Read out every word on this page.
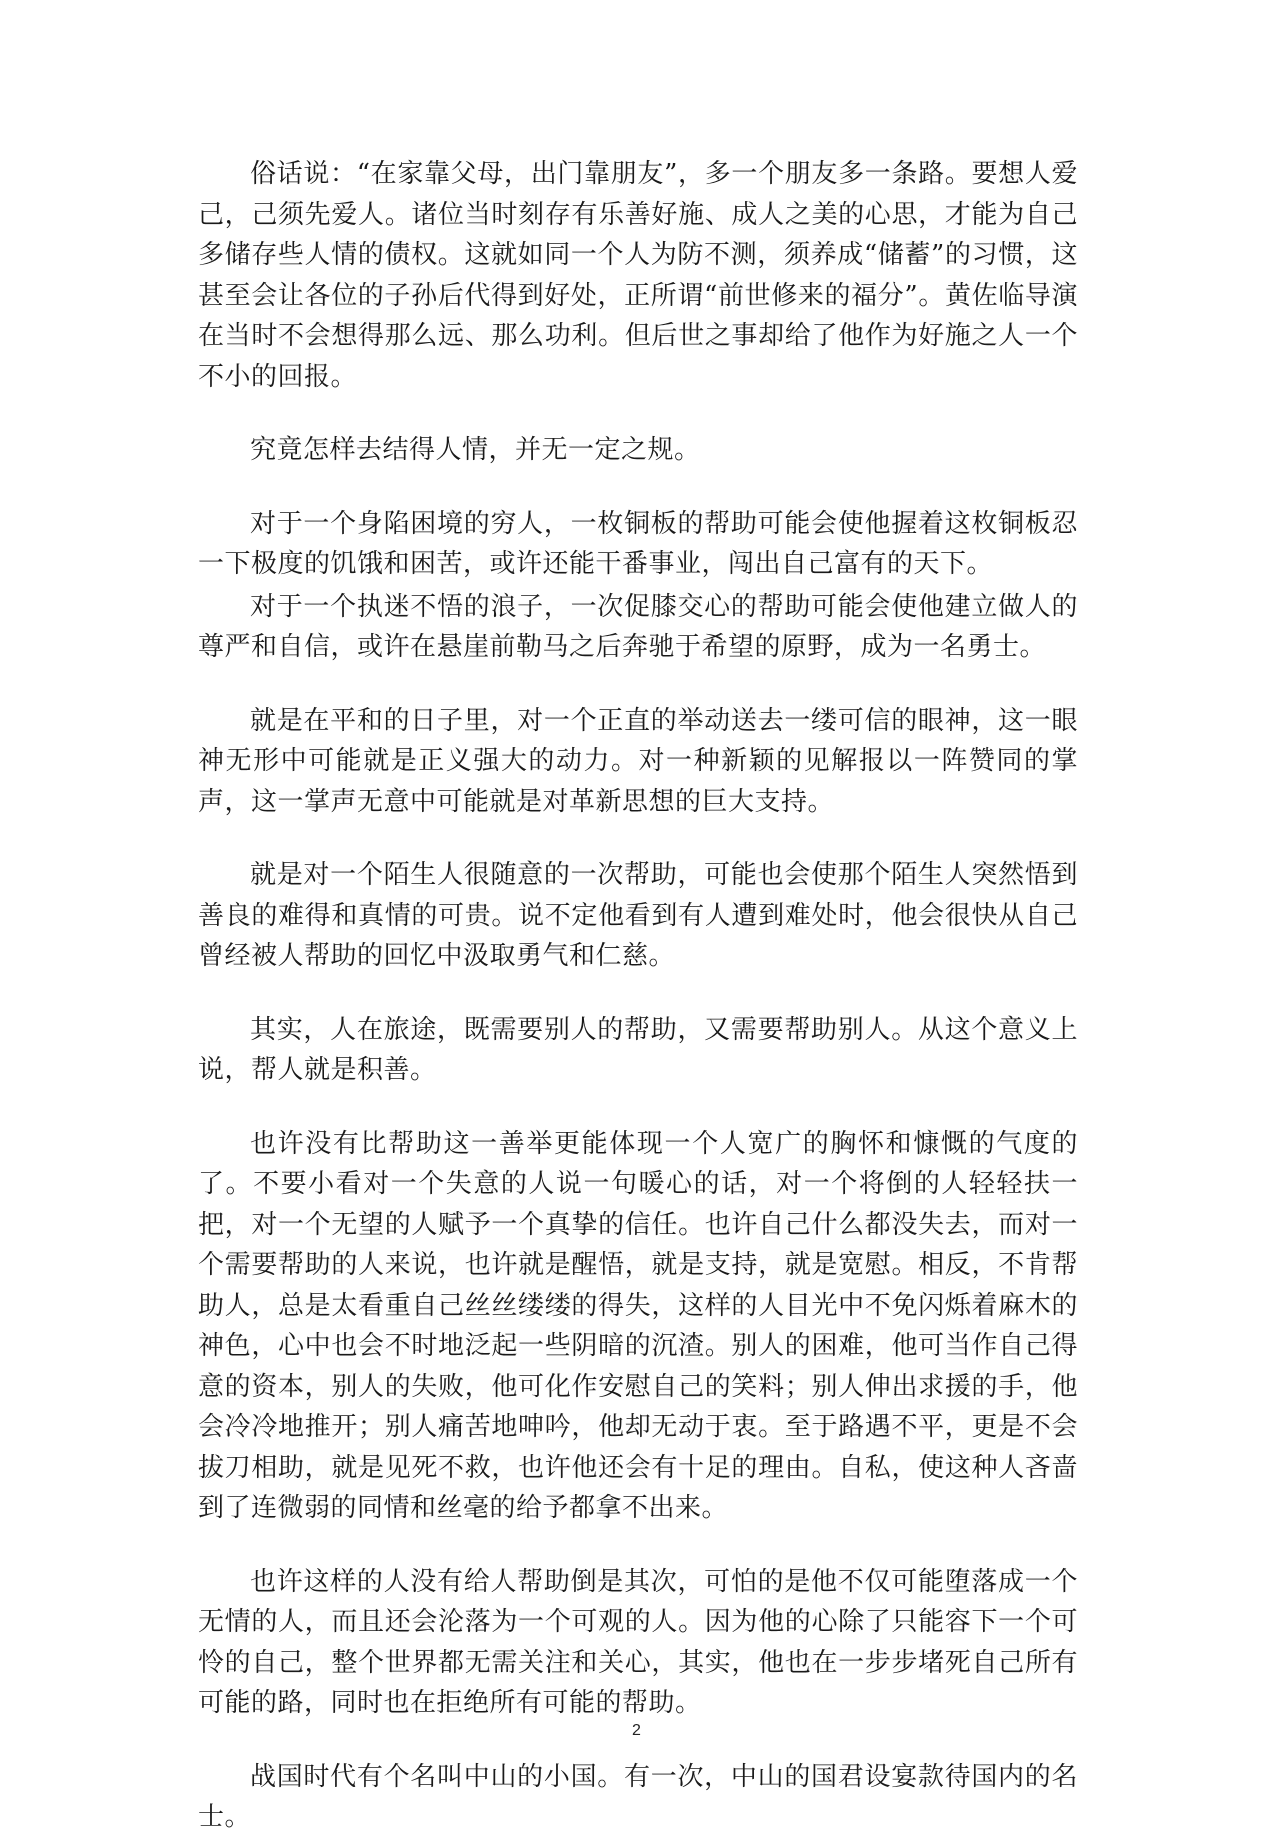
俗话说：“在家靠父母，出门靠朋友”，多一个朋友多一条路。要想人爱己，己须先爱人。诸位当时刻存有乐善好施、成人之美的心思，才能为自己多储存些人情的债权。这就如同一个人为防不测，须养成“储蓄”的习惯，这甚至会让各位的子孙后代得到好处，正所谓“前世修来的福分”。黄佐临导演在当时不会想得那么远、那么功利。但后世之事却给了他作为好施之人一个不小的回报。

究竟怎样去结得人情，并无一定之规。

对于一个身陷困境的穷人，一枚铜板的帮助可能会使他握着这枚铜板忍一下极度的饥饿和困苦，或许还能干番事业，闯出自己富有的天下。

对于一个执迷不悟的浪子，一次促膝交心的帮助可能会使他建立做人的尊严和自信，或许在悬崖前勒马之后奔驰于希望的原野，成为一名勇士。

就是在平和的日子里，对一个正直的举动送去一缕可信的眼神，这一眼神无形中可能就是正义强大的动力。对一种新颖的见解报以一阵赞同的掌声，这一掌声无意中可能就是对革新思想的巨大支持。

就是对一个陌生人很随意的一次帮助，可能也会使那个陌生人突然悟到善良的难得和真情的可贵。说不定他看到有人遭到难处时，他会很快从自己曾经被人帮助的回忆中汲取勇气和仁慈。

其实，人在旅途，既需要别人的帮助，又需要帮助别人。从这个意义上说，帮人就是积善。

也许没有比帮助这一善举更能体现一个人宽广的胸怀和慷慨的气度的了。不要小看对一个失意的人说一句暖心的话，对一个将倒的人轻轻扶一把，对一个无望的人赋予一个真挚的信任。也许自己什么都没失去，而对一个需要帮助的人来说，也许就是醒悟，就是支持，就是宽慰。相反，不肯帮助人，总是太看重自己丝丝缕缕的得失，这样的人目光中不免闪烁着麻木的神色，心中也会不时地泛起一些阴暗的沉渣。别人的困难，他可当作自己得意的资本，别人的失败，他可化作安慰自己的笑料；别人伸出求援的手，他会冷冷地推开；别人痛苦地呻吟，他却无动于衷。至于路遇不平，更是不会拔刀相助，就是见死不救，也许他还会有十足的理由。自私，使这种人吝啬到了连微弱的同情和丝毫的给予都拿不出来。

也许这样的人没有给人帮助倒是其次，可怕的是他不仅可能堕落成一个无情的人，而且还会沦落为一个可观的人。因为他的心除了只能容下一个可怜的自己，整个世界都无需关注和关心，其实，他也在一步步堵死自己所有可能的路，同时也在拒绝所有可能的帮助。

战国时代有个名叫中山的小国。有一次，中山的国君设宴款待国内的名士。

2
